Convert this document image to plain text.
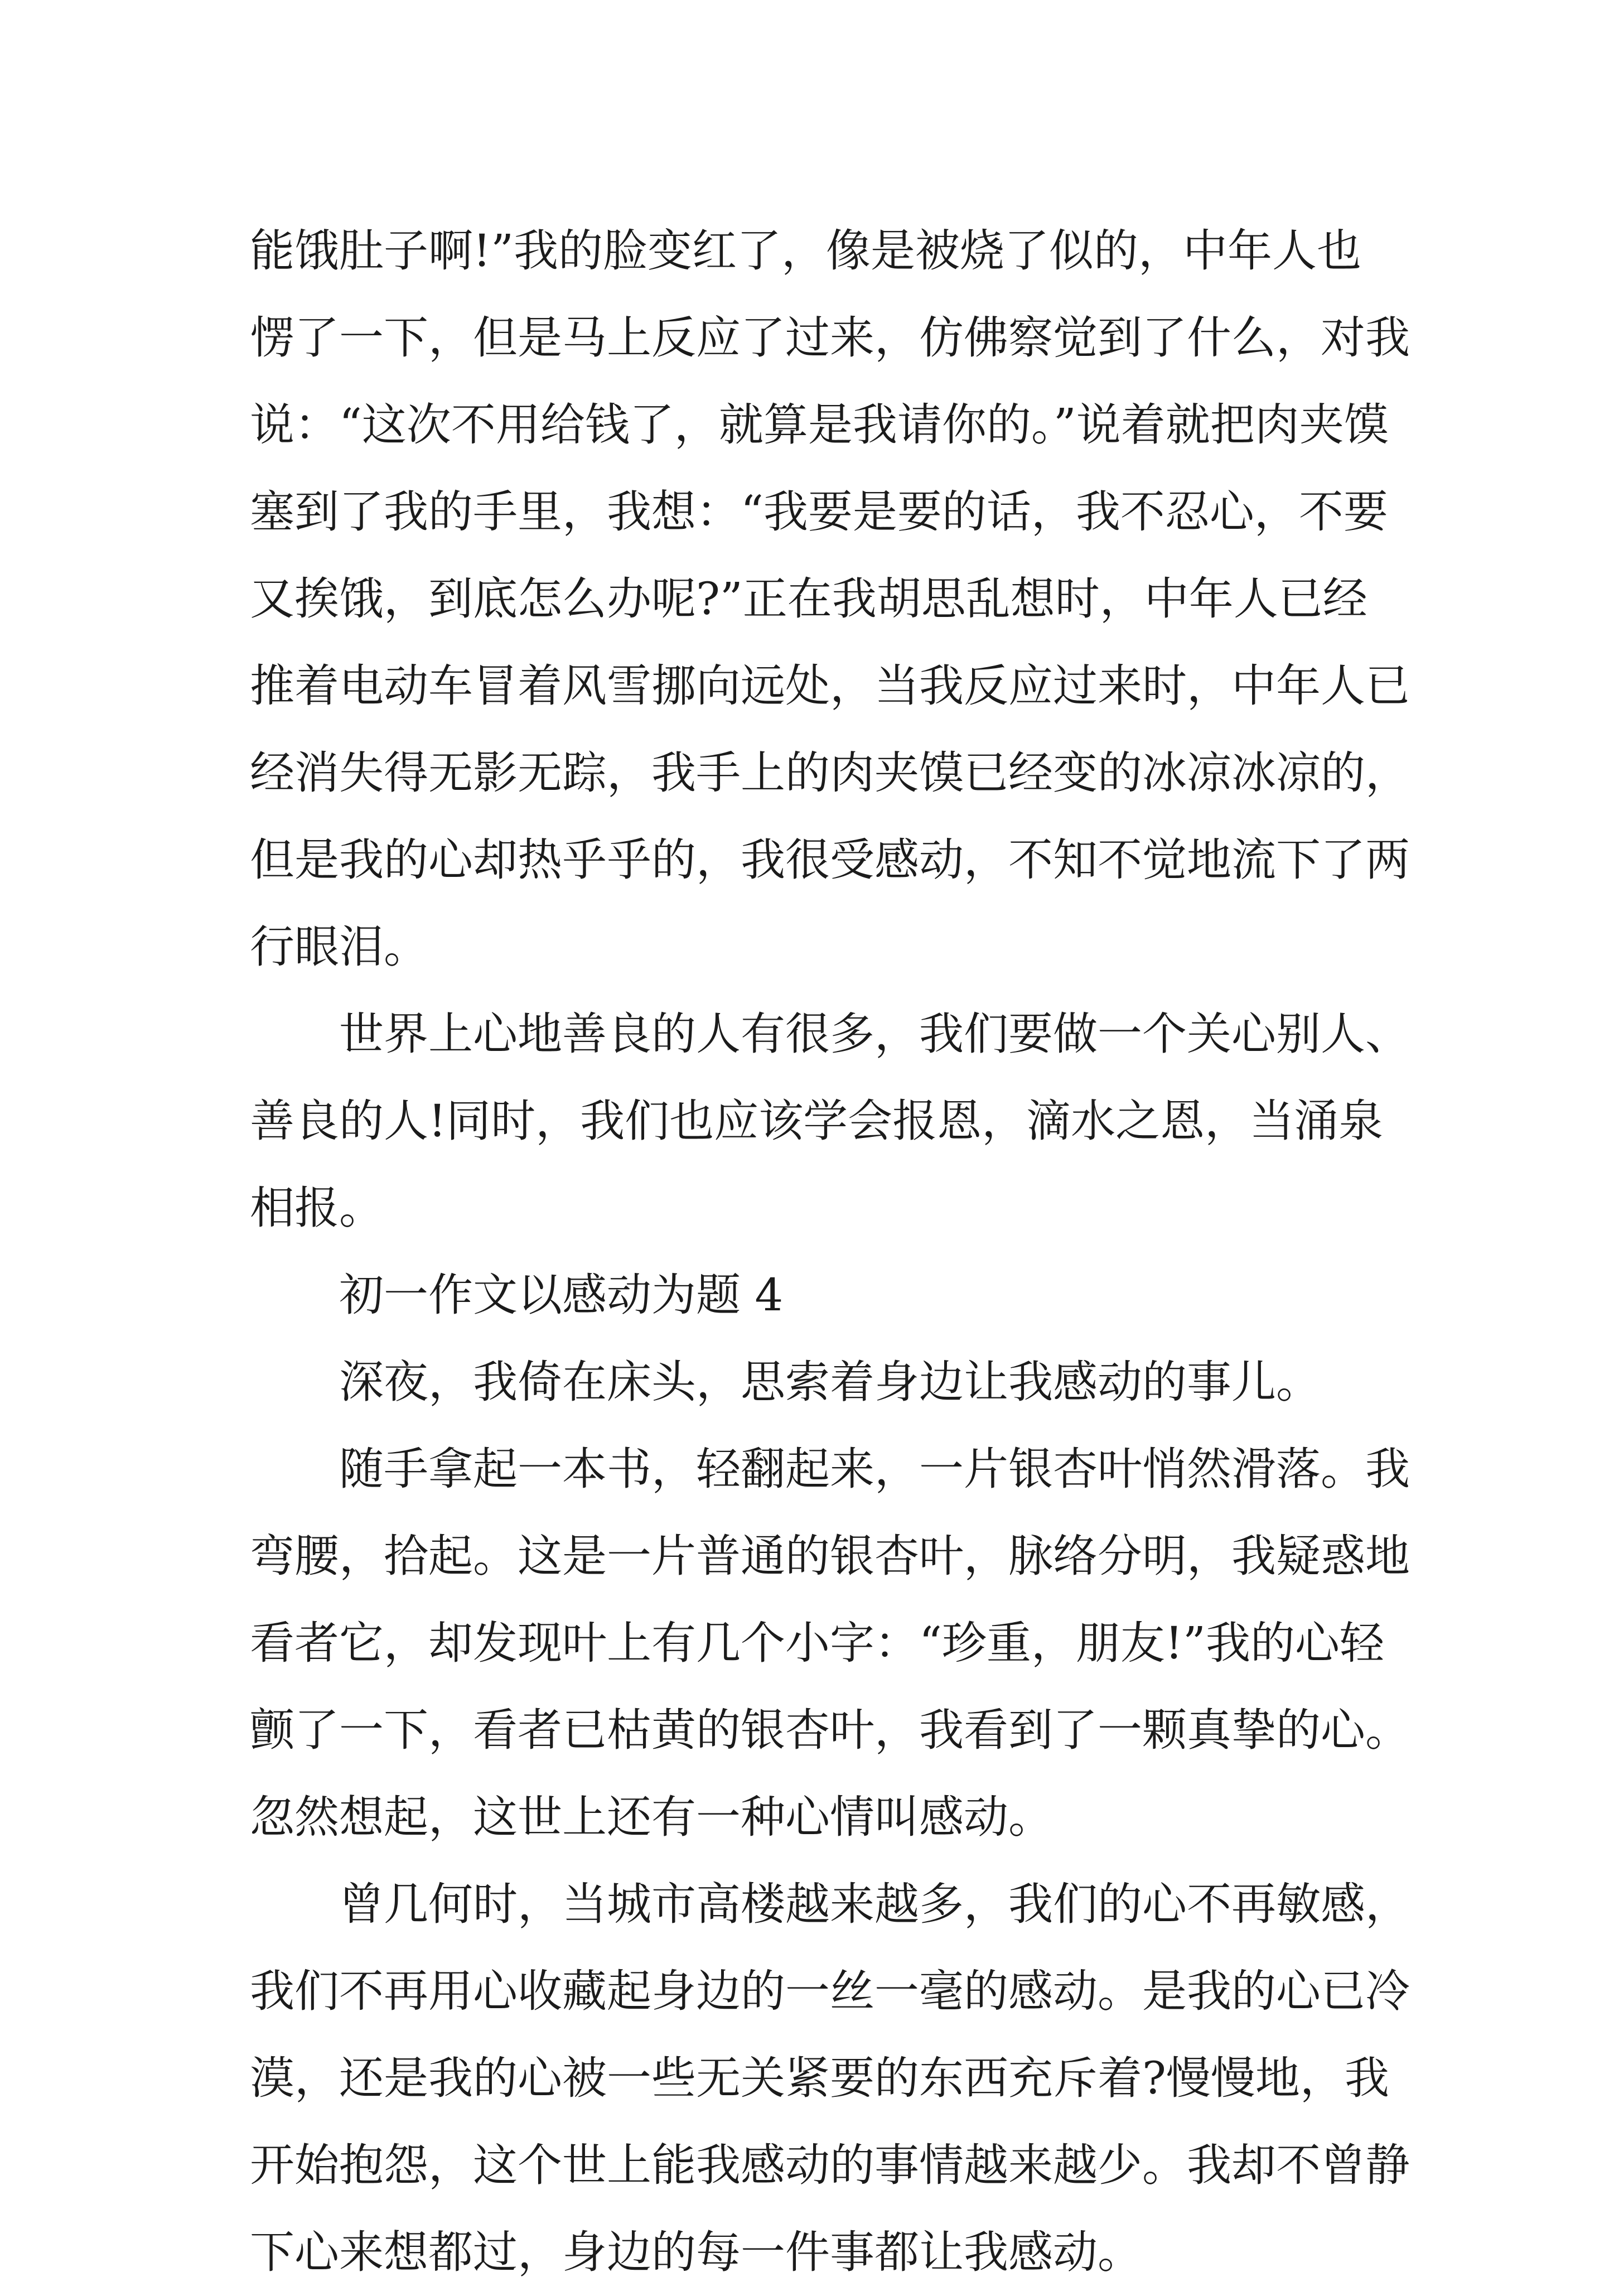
能饿肚子啊!”我的脸变红了，像是被烧了似的，中年人也
愣了一下，但是马上反应了过来，仿佛察觉到了什么，对我
说：“这次不用给钱了，就算是我请你的。”说着就把肉夹馍
塞到了我的手里，我想：“我要是要的话，我不忍心，不要
又挨饿，到底怎么办呢?”正在我胡思乱想时，中年人已经
推着电动车冒着风雪挪向远处，当我反应过来时，中年人已
经消失得无影无踪，我手上的肉夹馍已经变的冰凉冰凉的，
但是我的心却热乎乎的，我很受感动，不知不觉地流下了两
行眼泪。
世界上心地善良的人有很多，我们要做一个关心别人、
善良的人!同时，我们也应该学会报恩，滴水之恩，当涌泉
相报。
初一作文以感动为题 4
深夜，我倚在床头，思索着身边让我感动的事儿。
随手拿起一本书，轻翻起来，一片银杏叶悄然滑落。我
弯腰，拾起。这是一片普通的银杏叶，脉络分明，我疑惑地
看者它，却发现叶上有几个小字：“珍重，朋友!”我的心轻
颤了一下，看者已枯黄的银杏叶，我看到了一颗真挚的心。
忽然想起，这世上还有一种心情叫感动。
曾几何时，当城市高楼越来越多，我们的心不再敏感，
我们不再用心收藏起身边的一丝一毫的感动。是我的心已冷
漠，还是我的心被一些无关紧要的东西充斥着?慢慢地，我
开始抱怨，这个世上能我感动的事情越来越少。我却不曾静
下心来想都过，身边的每一件事都让我感动。
